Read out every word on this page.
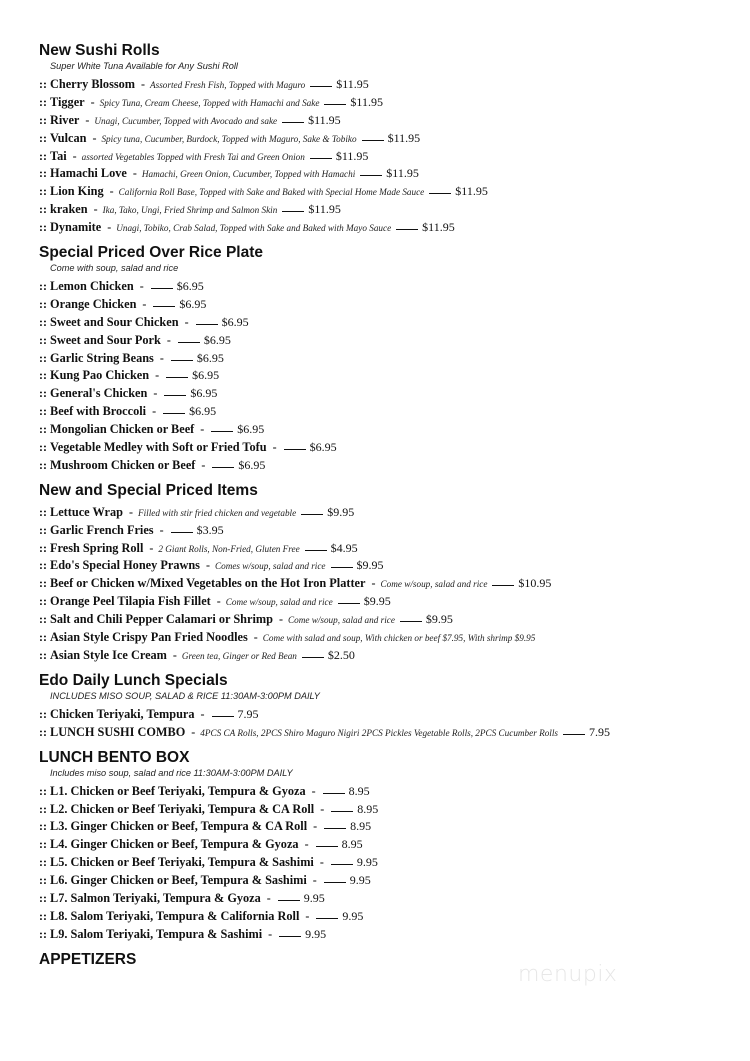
New Sushi Rolls

Super White Tuna Available for Any Sushi Roll

:: Cherry Blossom - Assorted Fresh Fish, Topped with Maguro	$11.95
:: Tigger - Spicy Tuna, Cream Cheese, Topped with Hamachi and Sake	$11.95
:: River - Unagi, Cucumber, Topped with Avocado and sake	$11.95
:: Vulcan - Spicy tuna, Cucumber, Burdock, Topped with Maguro, Sake & Tobiko	$11.95
:: Tai - assorted Vegetables Topped with Fresh Tai and Green Onion	$11.95
:: Hamachi Love - Hamachi, Green Onion, Cucumber, Topped with Hamachi	$11.95
:: Lion King - California Roll Base, Topped with Sake and Baked with Special Home Made Sauce	$11.95
:: kraken - Ika, Tako, Ungi, Fried Shrimp and Salmon Skin	$11.95
:: Dynamite - Unagi, Tobiko, Crab Salad, Topped with Sake and Baked with Mayo Sauce	$11.95
Special Priced Over Rice Plate

Come with soup, salad and rice

:: Lemon Chicken -	$6.95
:: Orange Chicken -	$6.95
:: Sweet and Sour Chicken -	$6.95
:: Sweet and Sour Pork -	$6.95
:: Garlic String Beans -	$6.95
:: Kung Pao Chicken -	$6.95
:: General's Chicken -	$6.95
:: Beef with Broccoli -	$6.95
:: Mongolian Chicken or Beef -	$6.95
:: Vegetable Medley with Soft or Fried Tofu -	$6.95
:: Mushroom Chicken or Beef -	$6.95
New and Special Priced Items
:: Lettuce Wrap - Filled with stir fried chicken and vegetable	$9.95
:: Garlic French Fries -	$3.95
:: Fresh Spring Roll - 2 Giant Rolls, Non-Fried, Gluten Free	$4.95
:: Edo's Special Honey Prawns - Comes w/soup, salad and rice	$9.95
:: Beef or Chicken w/Mixed Vegetables on the Hot Iron Platter - Come w/soup, salad and rice	$10.95
:: Orange Peel Tilapia Fish Fillet - Come w/soup, salad and rice	$9.95
:: Salt and Chili Pepper Calamari or Shrimp - Come w/soup, salad and rice	$9.95
:: Asian Style Crispy Pan Fried Noodles - Come with salad and soup, With chicken or beef $7.95, With shrimp $9.95
:: Asian Style Ice Cream - Green tea, Ginger or Red Bean	$2.50
Edo Daily Lunch Specials

INCLUDES MISO SOUP, SALAD & RICE 11:30AM-3:00PM DAILY

:: Chicken Teriyaki, Tempura -	7.95
:: LUNCH SUSHI COMBO - 4PCS CA Rolls, 2PCS Shiro Maguro Nigiri 2PCS Pickles Vegetable Rolls, 2PCS Cucumber Rolls	7.95
LUNCH BENTO BOX

Includes miso soup, salad and rice 11:30AM-3:00PM DAILY

:: L1. Chicken or Beef Teriyaki, Tempura & Gyoza -	8.95
:: L2. Chicken or Beef Teriyaki, Tempura & CA Roll -	8.95
:: L3. Ginger Chicken or Beef, Tempura & CA Roll -	8.95
:: L4. Ginger Chicken or Beef, Tempura & Gyoza -	8.95
:: L5. Chicken or Beef Teriyaki, Tempura & Sashimi -	9.95
:: L6. Ginger Chicken or Beef, Tempura & Sashimi -	9.95
:: L7. Salmon Teriyaki, Tempura & Gyoza -	9.95
:: L8. Salom Teriyaki, Tempura & California Roll -	9.95
:: L9. Salom Teriyaki, Tempura & Sashimi -	9.95
APPETIZERS
menupix
